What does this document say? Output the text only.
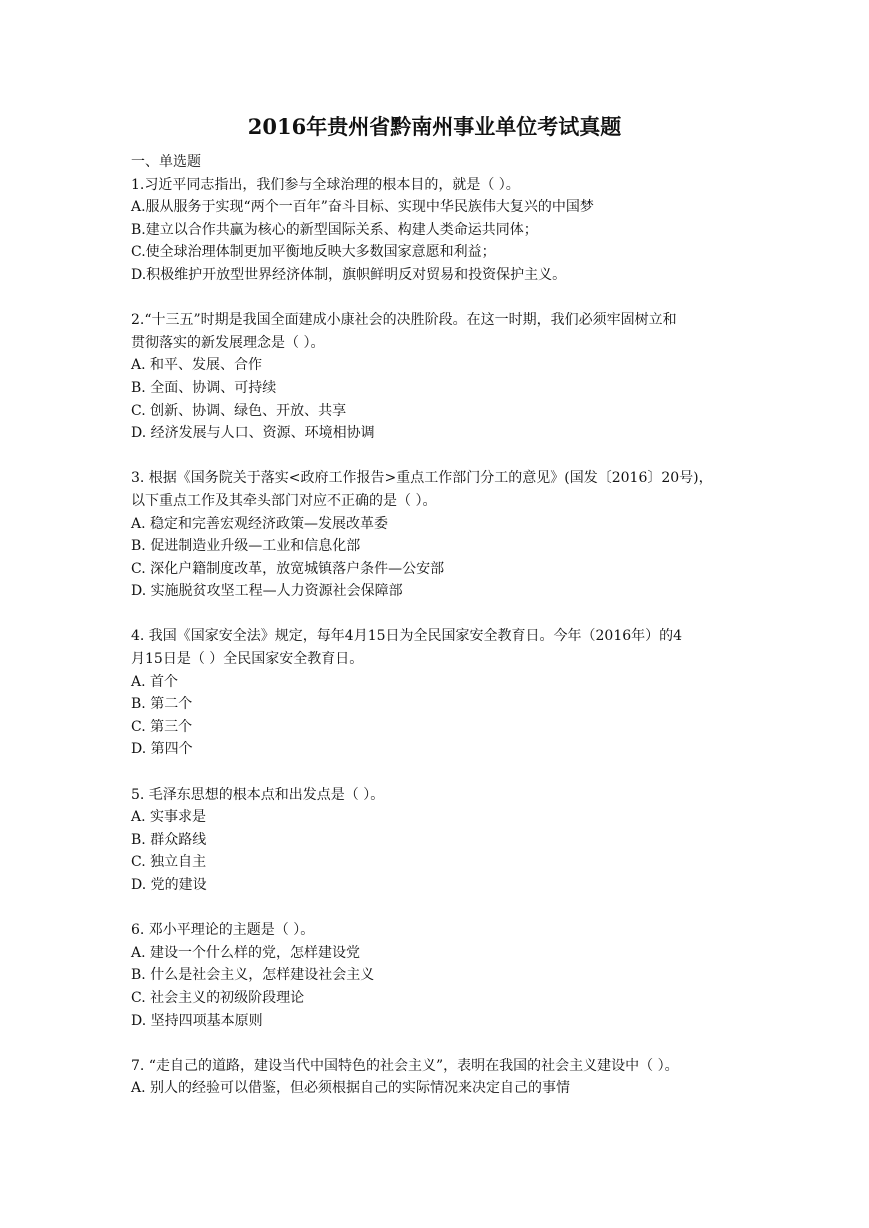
2016年贵州省黔南州事业单位考试真题
一、单选题
1.习近平同志指出，我们参与全球治理的根本目的，就是（ ）。
A.服从服务于实现“两个一百年”奋斗目标、实现中华民族伟大复兴的中国梦
B.建立以合作共赢为核心的新型国际关系、构建人类命运共同体；
C.使全球治理体制更加平衡地反映大多数国家意愿和利益；
D.积极维护开放型世界经济体制，旗帜鲜明反对贸易和投资保护主义。
2.“十三五”时期是我国全面建成小康社会的决胜阶段。在这一时期，我们必须牢固树立和
贯彻落实的新发展理念是（ ）。
A. 和平、发展、合作
B. 全面、协调、可持续
C. 创新、协调、绿色、开放、共享
D. 经济发展与人口、资源、环境相协调
3. 根据《国务院关于落实<政府工作报告>重点工作部门分工的意见》(国发〔2016〕20号)，
以下重点工作及其牵头部门对应不正确的是（ ）。
A. 稳定和完善宏观经济政策—发展改革委
B. 促进制造业升级—工业和信息化部
C. 深化户籍制度改革，放宽城镇落户条件—公安部
D. 实施脱贫攻坚工程—人力资源社会保障部
4. 我国《国家安全法》规定，每年4月15日为全民国家安全教育日。今年（2016年）的4
月15日是（ ）全民国家安全教育日。
A. 首个
B. 第二个
C. 第三个
D. 第四个
5. 毛泽东思想的根本点和出发点是（ ）。
A. 实事求是
B. 群众路线
C. 独立自主
D. 党的建设
6. 邓小平理论的主题是（ ）。
A. 建设一个什么样的党，怎样建设党
B. 什么是社会主义，怎样建设社会主义
C. 社会主义的初级阶段理论
D. 坚持四项基本原则
7. “走自己的道路，建设当代中国特色的社会主义”，表明在我国的社会主义建设中（ ）。
A. 别人的经验可以借鉴，但必须根据自己的实际情况来决定自己的事情
